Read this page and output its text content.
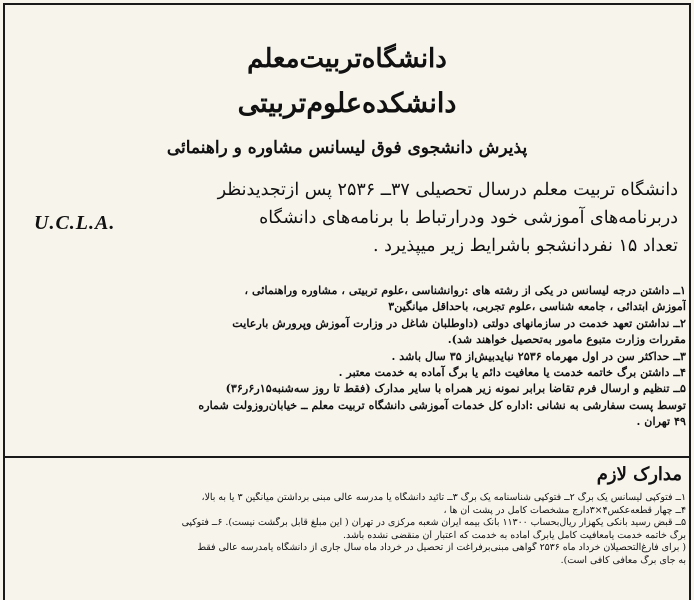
دانشگاه‌تربیت‌معلم
دانشکده‌علوم‌تربیتی
پذیرش دانشجوی فوق لیسانس مشاوره و راهنمائی

دانشگاه تربیت معلم درسال تحصیلی ۳۷ــ ۲۵۳۶ پس ازتجدیدنظر

دربرنامه‌های آموزشی خود ودرارتباط با برنامه‌های دانشگاه

تعداد ۱۵ نفردانشجو باشرایط زیر میپذیرد .

U.C.L.A.

۱ــ داشتن درجه لیسانس در یکی از رشته های :روانشناسی ،علوم تربیتی ، مشاوره وراهنمائی ،

آموزش ابتدائی ، جامعه شناسی ،علوم تجربی، باحداقل میانگین۳

۲ــ نداشتن تعهد خدمت در سازمانهای دولتی (داوطلبان شاغل در وزارت آموزش وپرورش بارعایت

مقررات وزارت متبوع مامور به‌تحصیل خواهند شد).

۳ــ حداکثر سن در اول مهرماه ۲۵۳۶ نبایدبیش‌از ۳۵ سال باشد .

۴ــ داشتن برگ خاتمه خدمت یا معافیت دائم یا برگ آماده به خدمت معتبر .

۵ــ تنظیم و ارسال فرم تقاضا برابر نمونه زیر همراه با سایر مدارک (فقط تا روز سه‌شنبه۱۵ر۶ر۳۶)

توسط پست سفارشی به نشانی :اداره کل خدمات آموزشی دانشگاه تربیت معلم ــ خیابان‌روزولت شماره

۴۹ تهران .

مدارک لازم

۱ــ فتوکپی لیسانس یک برگ ۲ــ فتوکپی شناسنامه یک برگ ۳ــ تائید دانشگاه یا مدرسه عالی مبنی برداشتن میانگین ۳ یا به بالا،

۴ــ چهار قطعه‌عکس۴×۳دارج مشخصات کامل در پشت آن ها ،

۵ــ قبض رسید بانکی یکهزار ریال‌بحساب ۱۱۳۰۰ بانک بیمه ایران شعبه مرکزی در تهران ( این مبلغ قابل برگشت نیست). ۶ــ فتوکپی

برگ خاتمه خدمت یامعافیت کامل یابرگ آماده به خدمت که اعتبار آن منقضی نشده باشد.

( برای فارغ‌التحصیلان خرداد ماه ۲۵۳۶ گواهی مبنی‌برفراغت از تحصیل در خرداد ماه سال جاری از دانشگاه یامدرسه عالی فقط

به جای برگ معافی کافی است).
